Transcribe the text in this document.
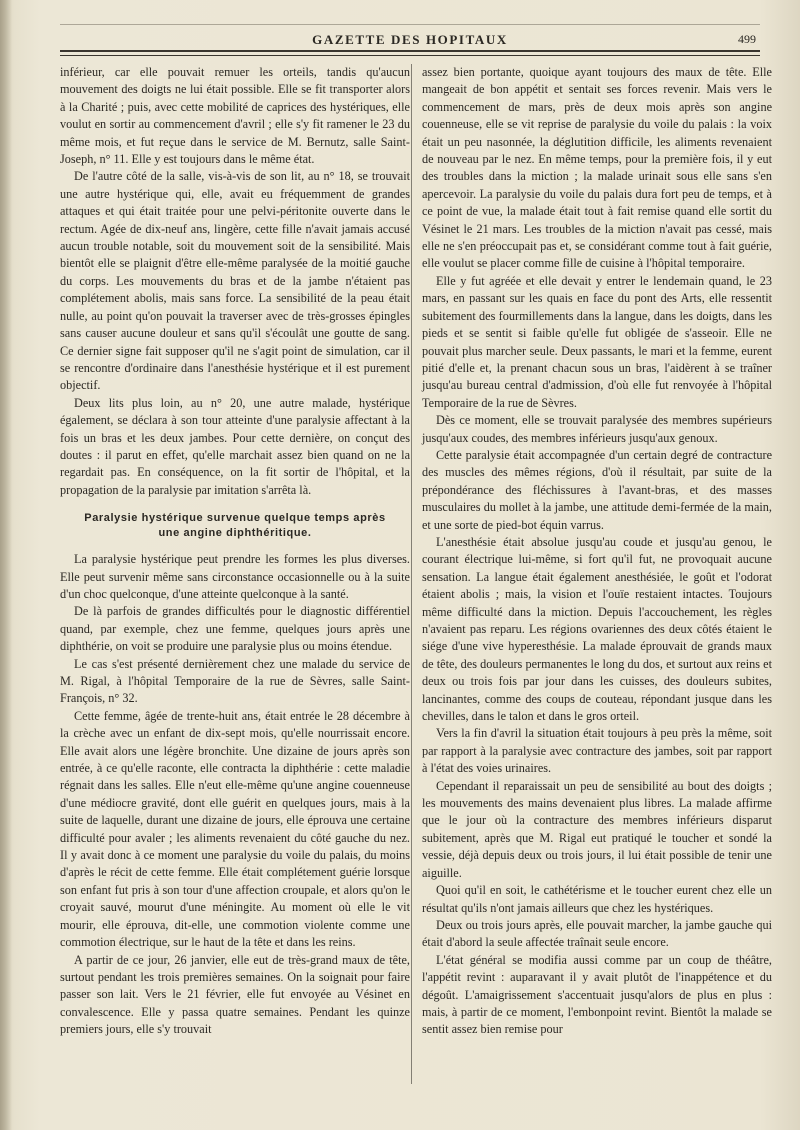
GAZETTE DES HOPITAUX	499

inférieur, car elle pouvait remuer les orteils, tandis qu'aucun mouvement des doigts ne lui était possible. Elle se fit transporter alors à la Charité ; puis, avec cette mobilité de caprices des hystériques, elle voulut en sortir au commencement d'avril ; elle s'y fit ramener le 23 du même mois, et fut reçue dans le service de M. Bernutz, salle Saint-Joseph, n° 11. Elle y est toujours dans le même état.

De l'autre côté de la salle, vis-à-vis de son lit, au n° 18, se trouvait une autre hystérique qui, elle, avait eu fréquemment de grandes attaques et qui était traitée pour une pelvi-péritonite ouverte dans le rectum. Agée de dix-neuf ans, lingère, cette fille n'avait jamais accusé aucun trouble notable, soit du mouvement soit de la sensibilité. Mais bientôt elle se plaignit d'être elle-même paralysée de la moitié gauche du corps. Les mouvements du bras et de la jambe n'étaient pas complétement abolis, mais sans force. La sensibilité de la peau était nulle, au point qu'on pouvait la traverser avec de très-grosses épingles sans causer aucune douleur et sans qu'il s'écoulât une goutte de sang. Ce dernier signe fait supposer qu'il ne s'agit point de simulation, car il se rencontre d'ordinaire dans l'anesthésie hystérique et il est purement objectif.

Deux lits plus loin, au n° 20, une autre malade, hystérique également, se déclara à son tour atteinte d'une paralysie affectant à la fois un bras et les deux jambes. Pour cette dernière, on conçut des doutes : il parut en effet, qu'elle marchait assez bien quand on ne la regardait pas. En conséquence, on la fit sortir de l'hôpital, et la propagation de la paralysie par imitation s'arrêta là.

Paralysie hystérique survenue quelque temps après
une angine diphthéritique.

La paralysie hystérique peut prendre les formes les plus diverses. Elle peut survenir même sans circonstance occasionnelle ou à la suite d'un choc quelconque, d'une atteinte quelconque à la santé.

De là parfois de grandes difficultés pour le diagnostic différentiel quand, par exemple, chez une femme, quelques jours après une diphthérie, on voit se produire une paralysie plus ou moins étendue.

Le cas s'est présenté dernièrement chez une malade du service de M. Rigal, à l'hôpital Temporaire de la rue de Sèvres, salle Saint-François, n° 32.

Cette femme, âgée de trente-huit ans, était entrée le 28 décembre à la crèche avec un enfant de dix-sept mois, qu'elle nourrissait encore. Elle avait alors une légère bronchite. Une dizaine de jours après son entrée, à ce qu'elle raconte, elle contracta la diphthérie : cette maladie régnait dans les salles. Elle n'eut elle-même qu'une angine couenneuse d'une médiocre gravité, dont elle guérit en quelques jours, mais à la suite de laquelle, durant une dizaine de jours, elle éprouva une certaine difficulté pour avaler ; les aliments revenaient du côté gauche du nez. Il y avait donc à ce moment une paralysie du voile du palais, du moins d'après le récit de cette femme. Elle était complétement guérie lorsque son enfant fut pris à son tour d'une affection croupale, et alors qu'on le croyait sauvé, mourut d'une méningite. Au moment où elle le vit mourir, elle éprouva, dit-elle, une commotion violente comme une commotion électrique, sur le haut de la tête et dans les reins.

A partir de ce jour, 26 janvier, elle eut de très-grand maux de tête, surtout pendant les trois premières semaines. On la soignait pour faire passer son lait. Vers le 21 février, elle fut envoyée au Vésinet en convalescence. Elle y passa quatre semaines. Pendant les quinze premiers jours, elle s'y trouvait

assez bien portante, quoique ayant toujours des maux de tête. Elle mangeait de bon appétit et sentait ses forces revenir. Mais vers le commencement de mars, près de deux mois après son angine couenneuse, elle se vit reprise de paralysie du voile du palais : la voix était un peu nasonnée, la déglutition difficile, les aliments revenaient de nouveau par le nez. En même temps, pour la première fois, il y eut des troubles dans la miction ; la malade urinait sous elle sans s'en apercevoir. La paralysie du voile du palais dura fort peu de temps, et à ce point de vue, la malade était tout à fait remise quand elle sortit du Vésinet le 21 mars. Les troubles de la miction n'avait pas cessé, mais elle ne s'en préoccupait pas et, se considérant comme tout à fait guérie, elle voulut se placer comme fille de cuisine à l'hôpital temporaire.

Elle y fut agréée et elle devait y entrer le lendemain quand, le 23 mars, en passant sur les quais en face du pont des Arts, elle ressentit subitement des fourmillements dans la langue, dans les doigts, dans les pieds et se sentit si faible qu'elle fut obligée de s'asseoir. Elle ne pouvait plus marcher seule. Deux passants, le mari et la femme, eurent pitié d'elle et, la prenant chacun sous un bras, l'aidèrent à se traîner jusqu'au bureau central d'admission, d'où elle fut renvoyée à l'hôpital Temporaire de la rue de Sèvres.

Dès ce moment, elle se trouvait paralysée des membres supérieurs jusqu'aux coudes, des membres inférieurs jusqu'aux genoux.

Cette paralysie était accompagnée d'un certain degré de contracture des muscles des mêmes régions, d'où il résultait, par suite de la prépondérance des fléchissures à l'avant-bras, et des masses musculaires du mollet à la jambe, une attitude demi-fermée de la main, et une sorte de pied-bot équin varrus.

L'anesthésie était absolue jusqu'au coude et jusqu'au genou, le courant électrique lui-même, si fort qu'il fut, ne provoquait aucune sensation. La langue était également anesthésiée, le goût et l'odorat étaient abolis ; mais, la vision et l'ouïe restaient intactes. Toujours même difficulté dans la miction. Depuis l'accouchement, les règles n'avaient pas reparu. Les régions ovariennes des deux côtés étaient le siége d'une vive hyperesthésie. La malade éprouvait de grands maux de tête, des douleurs permanentes le long du dos, et surtout aux reins et deux ou trois fois par jour dans les cuisses, des douleurs subites, lancinantes, comme des coups de couteau, répondant jusque dans les chevilles, dans le talon et dans le gros orteil.

Vers la fin d'avril la situation était toujours à peu près la même, soit par rapport à la paralysie avec contracture des jambes, soit par rapport à l'état des voies urinaires.

Cependant il reparaissait un peu de sensibilité au bout des doigts ; les mouvements des mains devenaient plus libres. La malade affirme que le jour où la contracture des membres inférieurs disparut subitement, après que M. Rigal eut pratiqué le toucher et sondé la vessie, déjà depuis deux ou trois jours, il lui était possible de tenir une aiguille.

Quoi qu'il en soit, le cathétérisme et le toucher eurent chez elle un résultat qu'ils n'ont jamais ailleurs que chez les hystériques.

Deux ou trois jours après, elle pouvait marcher, la jambe gauche qui était d'abord la seule affectée traînait seule encore.

L'état général se modifia aussi comme par un coup de théâtre, l'appétit revint : auparavant il y avait plutôt de l'inappétence et du dégoût. L'amaigrissement s'accentuait jusqu'alors de plus en plus : mais, à partir de ce moment, l'embonpoint revint. Bientôt la malade se sentit assez bien remise pour
